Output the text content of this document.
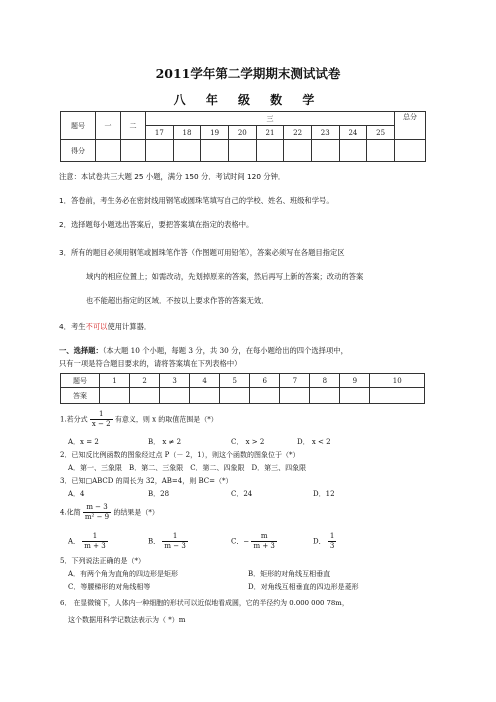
2011学年第二学期期末测试试卷
八 年 级 数 学
题号	一	二	三									总分
			17	18	19	20	21	22	23	24	25	
得分												
注意：本试卷共三大题 25 小题，满分 150 分．考试时间 120 分钟．
1．答卷前，考生务必在密封线用钢笔或圆珠笔填写自己的学校、姓名、班级和学号。
2．选择题每小题选出答案后，要把答案填在指定的表格中。
3．所有的题目必须用钢笔或圆珠笔作答（作图题可用铅笔），答案必须写在各题目指定区
域内的相应位置上；如需改动，先划掉原来的答案，然后再写上新的答案；改动的答案
也不能超出指定的区域．不按以上要求作答的答案无效．
4．考生不可以使用计算器．
一、选择题：（本大题 10 个小题，每题 3 分，共 30 分，在每小题给出的四个选择项中，
只有一项是符合题目要求的，请将答案填在下列表格中）
题号	1	2	3	4	5	6	7	8	9	10
答案										
1.若分式 $\frac{1}{x - 2}$ 有意义，则 x 的取值范围是（*）
A．x = 2	B． x ≠ 2	C． x > 2	D． x < 2
2．已知反比例函数的图象经过点 P（－ 2，1），则这个函数的图象位于（*）
A．第一、三象限　B．第二、三象限　C．第二、四象限　D．第三、四象限
3．已知□ABCD 的周长为 32，AB=4，则 BC=（*）
A．4	B．28	C．24	D．12
4.化简 $\frac{m - 3}{\text{m² − 9}}$ 的结果是（*）
A． $\frac{1}{m + 3}$	B． $\frac{1}{m - 3}$	C．− $\frac{m}{m + 3}$	D． $\frac{1}{3}$
5．下列说法正确的是（*）
A．有两个角为直角的四边形是矩形	B．矩形的对角线互相垂直
C．等腰梯形的对角线相等	D．对角线互相垂直的四边形是菱形
6． 在显微镜下，人体内一种细胞的形状可以近似地看成圆，它的半径约为 0.000 000 78m，
这个数据用科学记数法表示为（ *）m
